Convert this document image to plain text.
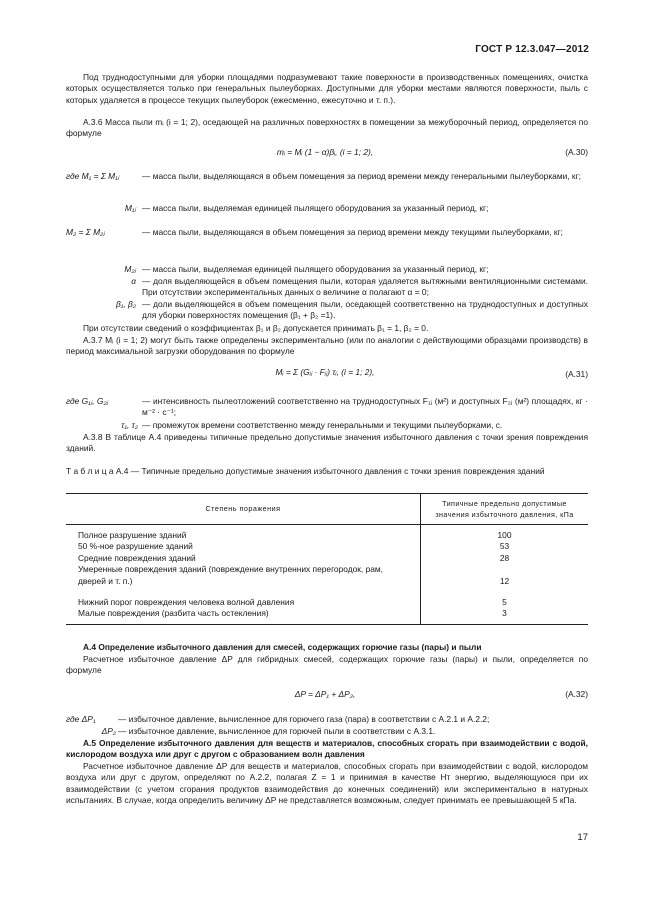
ГОСТ Р 12.3.047—2012
Под труднодоступными для уборки площадями подразумевают такие поверхности в производственных помещениях, очистка которых осуществляется только при генеральных пылеуборках. Доступными для уборки местами являются поверхности, пыль с которых удаляется в процессе текущих пылеуборок (ежесменно, ежесуточно и т. п.).
А.3.6 Масса пыли mᵢ (i = 1; 2), оседающей на различных поверхностях в помещении за межуборочный период, определяется по формуле
mᵢ = Mᵢ (1 − α)βᵢ, (i = 1; 2),	(А.30)
где M₁ = Σ M₁ⱼ	— масса пыли, выделяющаяся в объем помещения за период времени между генеральными пылеуборками, кг;
M₁ⱼ — масса пыли, выделяемая единицей пылящего оборудования за указанный период, кг;
M₂ = Σ M₂ⱼ	— масса пыли, выделяющаяся в объем помещения за период времени между текущими пылеуборками, кг;
M₂ⱼ — масса пыли, выделяемая единицей пылящего оборудования за указанный период, кг;
α — доля выделяющейся в объем помещения пыли, которая удаляется вытяжными вентиляционными системами. При отсутствии экспериментальных данных о величине α полагают α = 0;
β₁, β₂ — доли выделяющейся в объем помещения пыли, оседающей соответственно на труднодоступных и доступных для уборки поверхностях помещения (β₁ + β₂ =1).
При отсутствии сведений о коэффициентах β₁ и β₂ допускается принимать β₁ = 1, β₂ = 0.
А.3.7 Mᵢ (i = 1; 2) могут быть также определены экспериментально (или по аналогии с действующими образцами производств) в период максимальной загрузки оборудования по формуле
Mᵢ = Σ (Gᵢⱼ · Fᵢⱼ) τᵢ, (i = 1; 2),	(А.31)
где G₁ⱼ, G₂ⱼ	— интенсивность пылеотложений соответственно на труднодоступных F₁ⱼ (м²) и доступных F₂ⱼ (м²) площадях, кг · м⁻² · с⁻¹;
τ₁, τ₂ — промежуток времени соответственно между генеральными и текущими пылеуборками, с.
А.3.8 В таблице А.4 приведены типичные предельно допустимые значения избыточного давления с точки зрения повреждения зданий.
Т а б л и ц а А.4 — Типичные предельно допустимые значения избыточного давления с точки зрения повреждения зданий
Степень поражения	Типичные предельно допустимые значения избыточного давления, кПа
Полное разрушение зданий	100
50 %-ное разрушение зданий	53
Средние повреждения зданий	28
Умеренные повреждения зданий (повреждение внутренних перегородок, рам, дверей и т. п.)	12
Нижний порог повреждения человека волной давления	5
Малые повреждения (разбита часть остекления)	3
А.4 Определение избыточного давления для смесей, содержащих горючие газы (пары) и пыли
Расчетное избыточное давление ΔP для гибридных смесей, содержащих горючие газы (пары) и пыли, определяется по формуле
ΔP = ΔP₁ + ΔP₂,	(А.32)
где ΔP₁	— избыточное давление, вычисленное для горючего газа (пара) в соответствии с А.2.1 и А.2.2;
ΔP₂ — избыточное давление, вычисленное для горючей пыли в соответствии с А.3.1.
А.5 Определение избыточного давления для веществ и материалов, способных сгорать при взаимодействии с водой, кислородом воздуха или друг с другом с образованием волн давления
Расчетное избыточное давление ΔP для веществ и материалов, способных сгорать при взаимодействии с водой, кислородом воздуха или друг с другом, определяют по А.2.2, полагая Z = 1 и принимая в качестве Hᴛ энергию, выделяющуюся при их взаимодействии (с учетом сгорания продуктов взаимодействия до конечных соединений) или экспериментально в натурных испытаниях. В случае, когда определить величину ΔP не представляется возможным, следует принимать ее превышающей 5 кПа.
17
